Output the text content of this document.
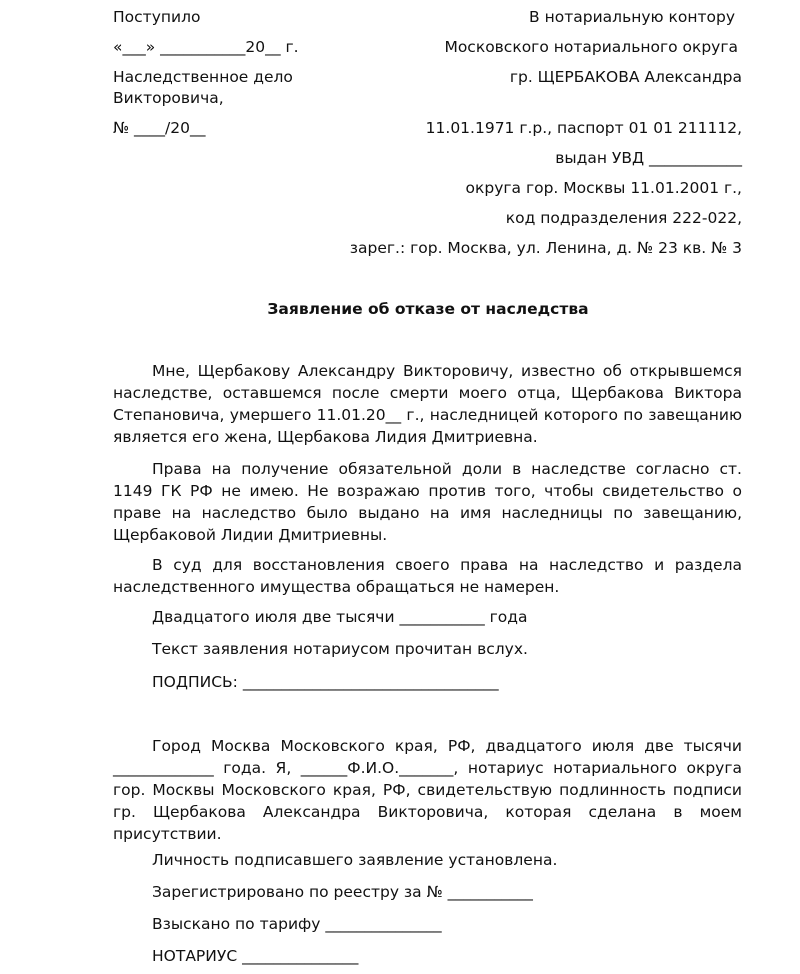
Поступило
«___» ___________20__ г.
Наследственное дело
Викторовича,
№ ____/20__
В нотариальную контору
Московского нотариального округа
гр. ЩЕРБАКОВА Александра
11.01.1971 г.р., паспорт 01 01 211112,
выдан УВД ____________
округа гор. Москвы 11.01.2001 г.,
код подразделения 222-022,
зарег.: гор. Москва, ул. Ленина, д. № 23 кв. № 3
Заявление об отказе от наследства
Мне, Щербакову Александру Викторовичу, известно об открывшемся наследстве, оставшемся после смерти моего отца, Щербакова Виктора Степановича, умершего 11.01.20__ г., наследницей которого по завещанию является его жена, Щербакова Лидия Дмитриевна.
Права на получение обязательной доли в наследстве согласно ст. 1149 ГК РФ не имею. Не возражаю против того, чтобы свидетельство о праве на наследство было выдано на имя наследницы по завещанию, Щербаковой Лидии Дмитриевны.
В суд для восстановления своего права на наследство и раздела наследственного имущества обращаться не намерен.
Двадцатого июля две тысячи ___________ года
Текст заявления нотариусом прочитан вслух.
ПОДПИСЬ: _________________________________
Город Москва Московского края, РФ, двадцатого июля две тысячи _____________ года. Я, ______Ф.И.О._______, нотариус нотариального округа гор. Москвы Московского края, РФ, свидетельствую подлинность подписи гр. Щербакова Александра Викторовича, которая сделана в моем присутствии.
Личность подписавшего заявление установлена.
Зарегистрировано по реестру за № ___________
Взыскано по тарифу _______________
НОТАРИУС _______________
